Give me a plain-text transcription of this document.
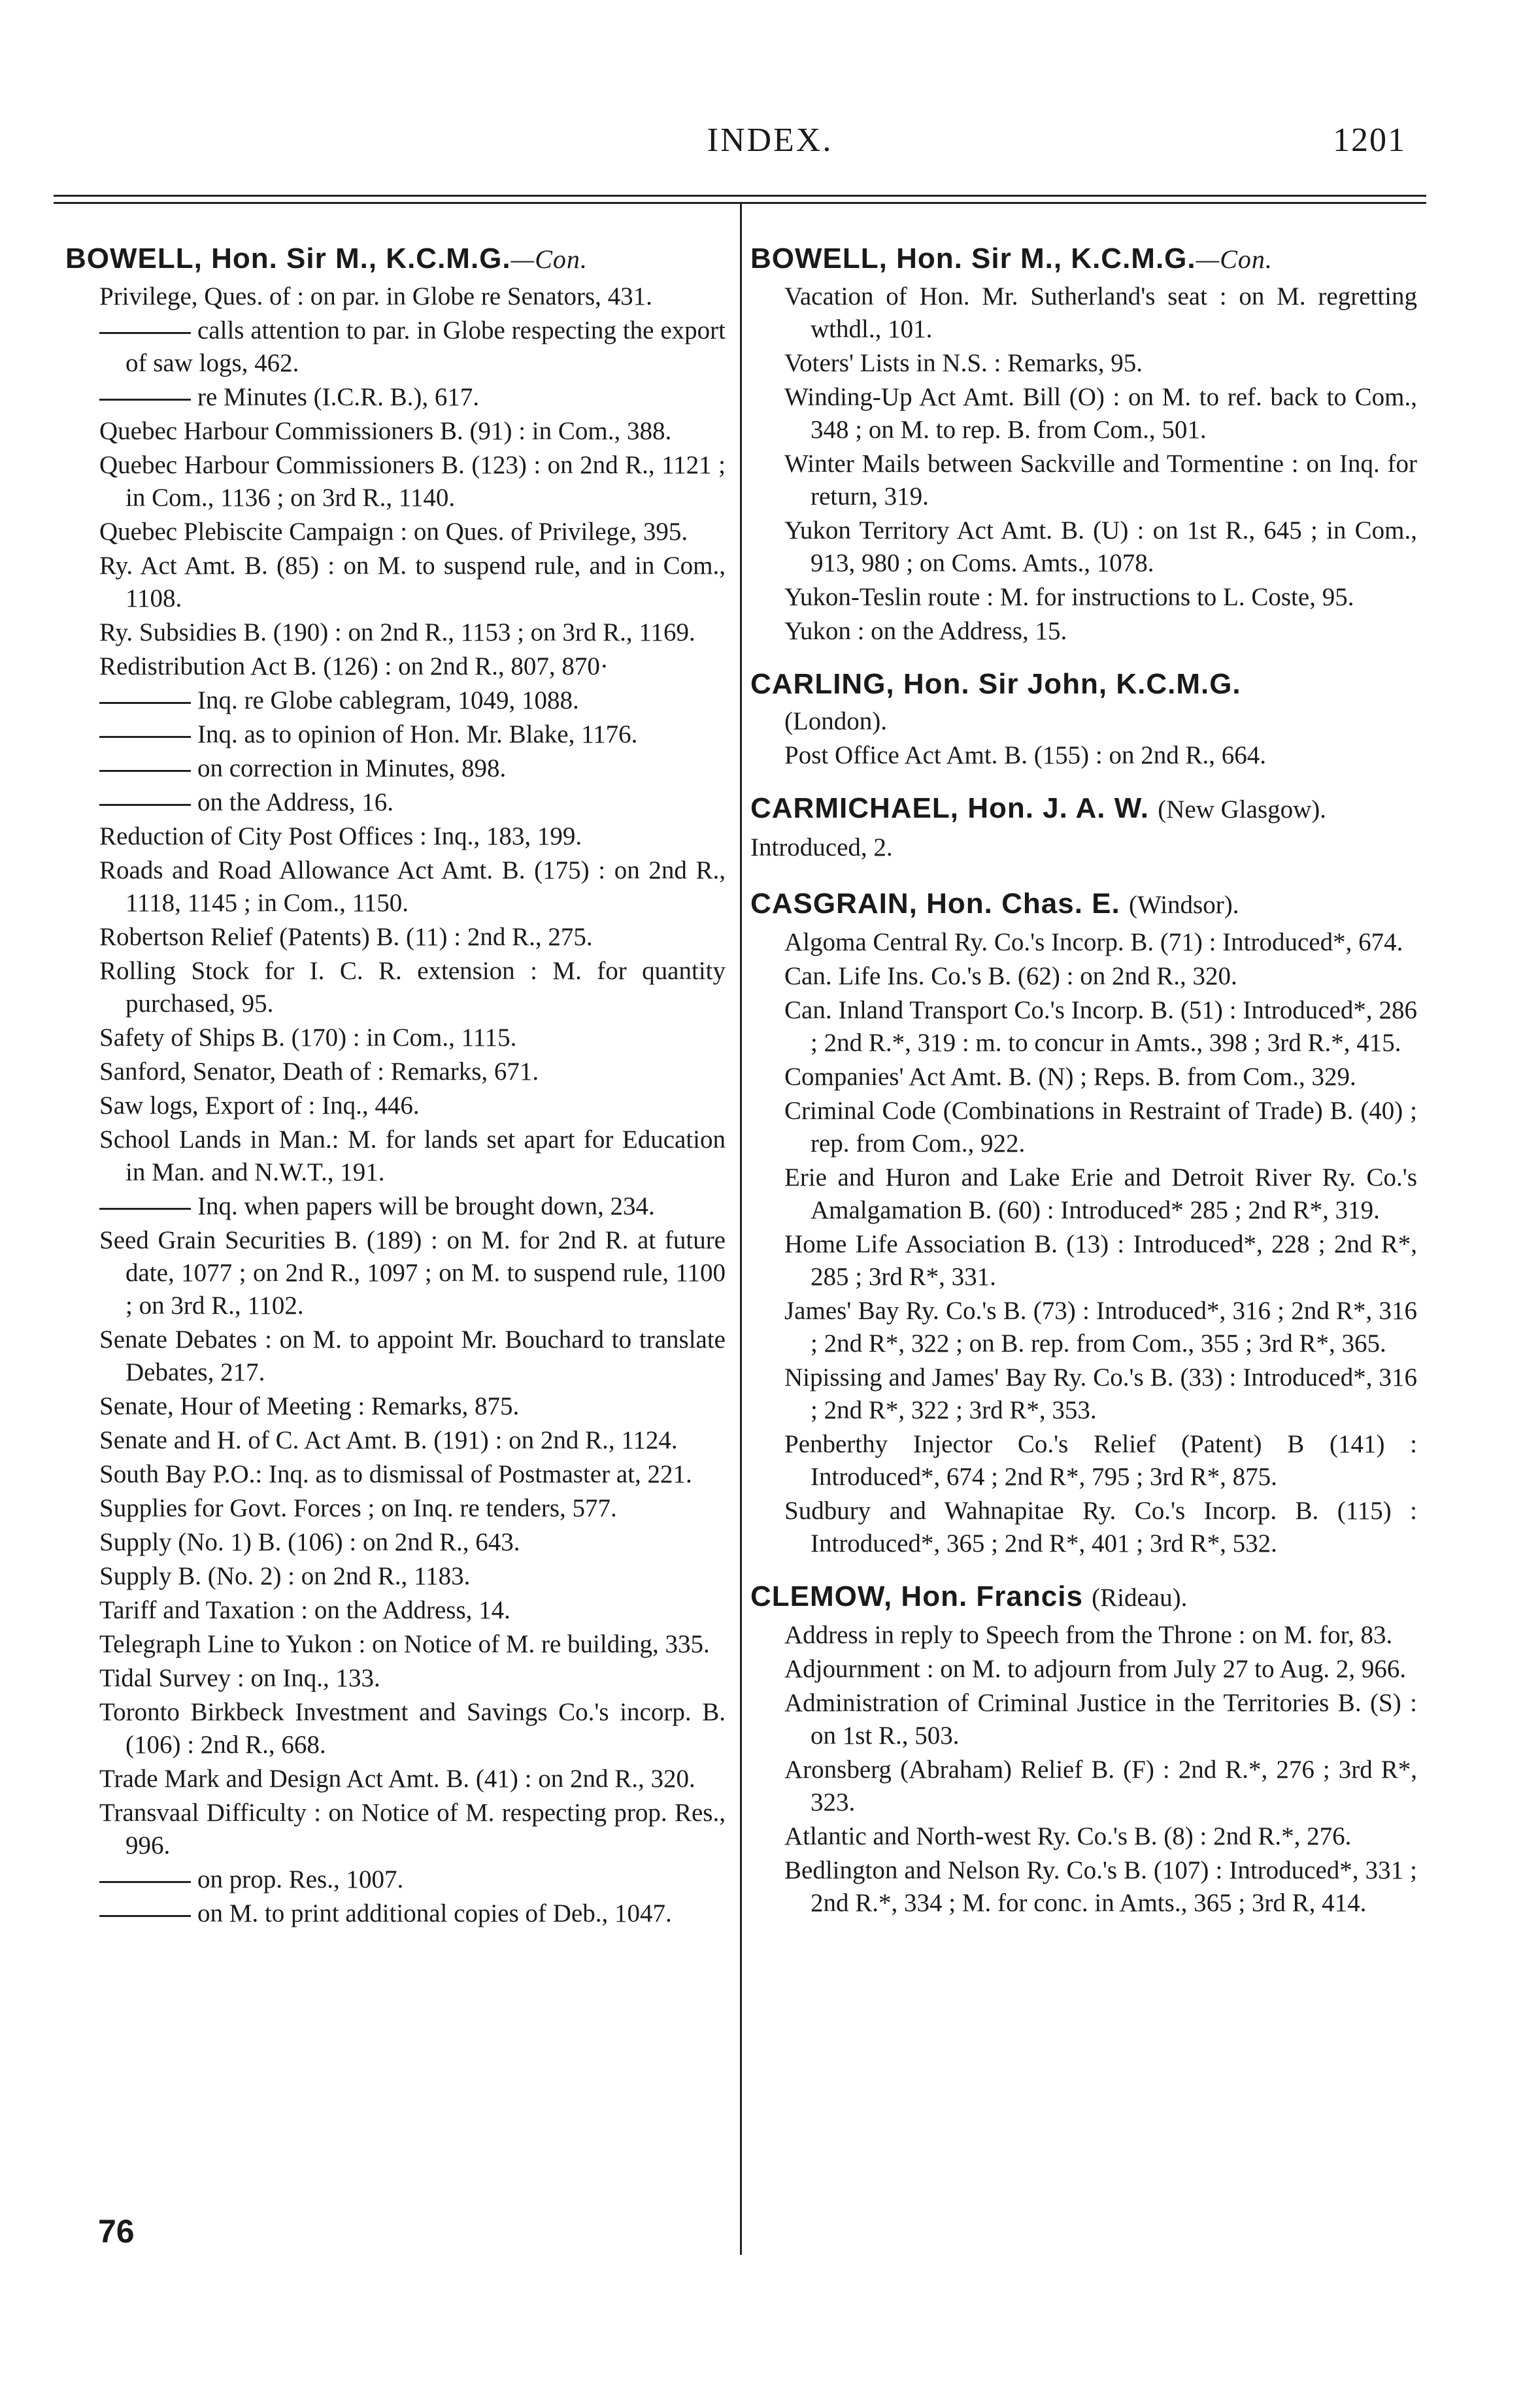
INDEX.	1201
BOWELL, Hon. Sir M., K.C.M.G.—Con.

Privilege, Ques. of : on par. in Globe re Senators, 431.

calls attention to par. in Globe respecting the export of saw logs, 462.

re Minutes (I.C.R. B.), 617.

Quebec Harbour Commissioners B. (91) : in Com., 388.

Quebec Harbour Commissioners B. (123) : on 2nd R., 1121 ; in Com., 1136 ; on 3rd R., 1140.

Quebec Plebiscite Campaign : on Ques. of Privilege, 395.

Ry. Act Amt. B. (85) : on M. to suspend rule, and in Com., 1108.

Ry. Subsidies B. (190) : on 2nd R., 1153 ; on 3rd R., 1169.

Redistribution Act B. (126) : on 2nd R., 807, 870·

Inq. re Globe cablegram, 1049, 1088.

Inq. as to opinion of Hon. Mr. Blake, 1176.

on correction in Minutes, 898.

on the Address, 16.

Reduction of City Post Offices : Inq., 183, 199.

Roads and Road Allowance Act Amt. B. (175) : on 2nd R., 1118, 1145 ; in Com., 1150.

Robertson Relief (Patents) B. (11) : 2nd R., 275.

Rolling Stock for I. C. R. extension : M. for quantity purchased, 95.

Safety of Ships B. (170) : in Com., 1115.

Sanford, Senator, Death of : Remarks, 671.

Saw logs, Export of : Inq., 446.

School Lands in Man.: M. for lands set apart for Education in Man. and N.W.T., 191.

Inq. when papers will be brought down, 234.

Seed Grain Securities B. (189) : on M. for 2nd R. at future date, 1077 ; on 2nd R., 1097 ; on M. to suspend rule, 1100 ; on 3rd R., 1102.

Senate Debates : on M. to appoint Mr. Bouchard to translate Debates, 217.

Senate, Hour of Meeting : Remarks, 875.

Senate and H. of C. Act Amt. B. (191) : on 2nd R., 1124.

South Bay P.O.: Inq. as to dismissal of Postmaster at, 221.

Supplies for Govt. Forces ; on Inq. re tenders, 577.

Supply (No. 1) B. (106) : on 2nd R., 643.

Supply B. (No. 2) : on 2nd R., 1183.

Tariff and Taxation : on the Address, 14.

Telegraph Line to Yukon : on Notice of M. re building, 335.

Tidal Survey : on Inq., 133.

Toronto Birkbeck Investment and Savings Co.'s incorp. B. (106) : 2nd R., 668.

Trade Mark and Design Act Amt. B. (41) : on 2nd R., 320.

Transvaal Difficulty : on Notice of M. respecting prop. Res., 996.

on prop. Res., 1007.

on M. to print additional copies of Deb., 1047.

76
BOWELL, Hon. Sir M., K.C.M.G.—Con.

Vacation of Hon. Mr. Sutherland's seat : on M. regretting wthdl., 101.

Voters' Lists in N.S. : Remarks, 95.

Winding-Up Act Amt. Bill (O) : on M. to ref. back to Com., 348 ; on M. to rep. B. from Com., 501.

Winter Mails between Sackville and Tormentine : on Inq. for return, 319.

Yukon Territory Act Amt. B. (U) : on 1st R., 645 ; in Com., 913, 980 ; on Coms. Amts., 1078.

Yukon-Teslin route : M. for instructions to L. Coste, 95.

Yukon : on the Address, 15.

CARLING, Hon. Sir John, K.C.M.G.

(London).

Post Office Act Amt. B. (155) : on 2nd R., 664.

CARMICHAEL, Hon. J. A. W. (New Glasgow). Introduced, 2.
CASGRAIN, Hon. Chas. E. (Windsor).

Algoma Central Ry. Co.'s Incorp. B. (71) : Introduced*, 674.

Can. Life Ins. Co.'s B. (62) : on 2nd R., 320.

Can. Inland Transport Co.'s Incorp. B. (51) : Introduced*, 286 ; 2nd R.*, 319 : m. to concur in Amts., 398 ; 3rd R.*, 415.

Companies' Act Amt. B. (N) ; Reps. B. from Com., 329.

Criminal Code (Combinations in Restraint of Trade) B. (40) ; rep. from Com., 922.

Erie and Huron and Lake Erie and Detroit River Ry. Co.'s Amalgamation B. (60) : Introduced* 285 ; 2nd R*, 319.

Home Life Association B. (13) : Introduced*, 228 ; 2nd R*, 285 ; 3rd R*, 331.

James' Bay Ry. Co.'s B. (73) : Introduced*, 316 ; 2nd R*, 316 ; 2nd R*, 322 ; on B. rep. from Com., 355 ; 3rd R*, 365.

Nipissing and James' Bay Ry. Co.'s B. (33) : Introduced*, 316 ; 2nd R*, 322 ; 3rd R*, 353.

Penberthy Injector Co.'s Relief (Patent) B (141) : Introduced*, 674 ; 2nd R*, 795 ; 3rd R*, 875.

Sudbury and Wahnapitae Ry. Co.'s Incorp. B. (115) : Introduced*, 365 ; 2nd R*, 401 ; 3rd R*, 532.

CLEMOW, Hon. Francis (Rideau).

Address in reply to Speech from the Throne : on M. for, 83.

Adjournment : on M. to adjourn from July 27 to Aug. 2, 966.

Administration of Criminal Justice in the Territories B. (S) : on 1st R., 503.

Aronsberg (Abraham) Relief B. (F) : 2nd R.*, 276 ; 3rd R*, 323.

Atlantic and North-west Ry. Co.'s B. (8) : 2nd R.*, 276.

Bedlington and Nelson Ry. Co.'s B. (107) : Introduced*, 331 ; 2nd R.*, 334 ; M. for conc. in Amts., 365 ; 3rd R, 414.
